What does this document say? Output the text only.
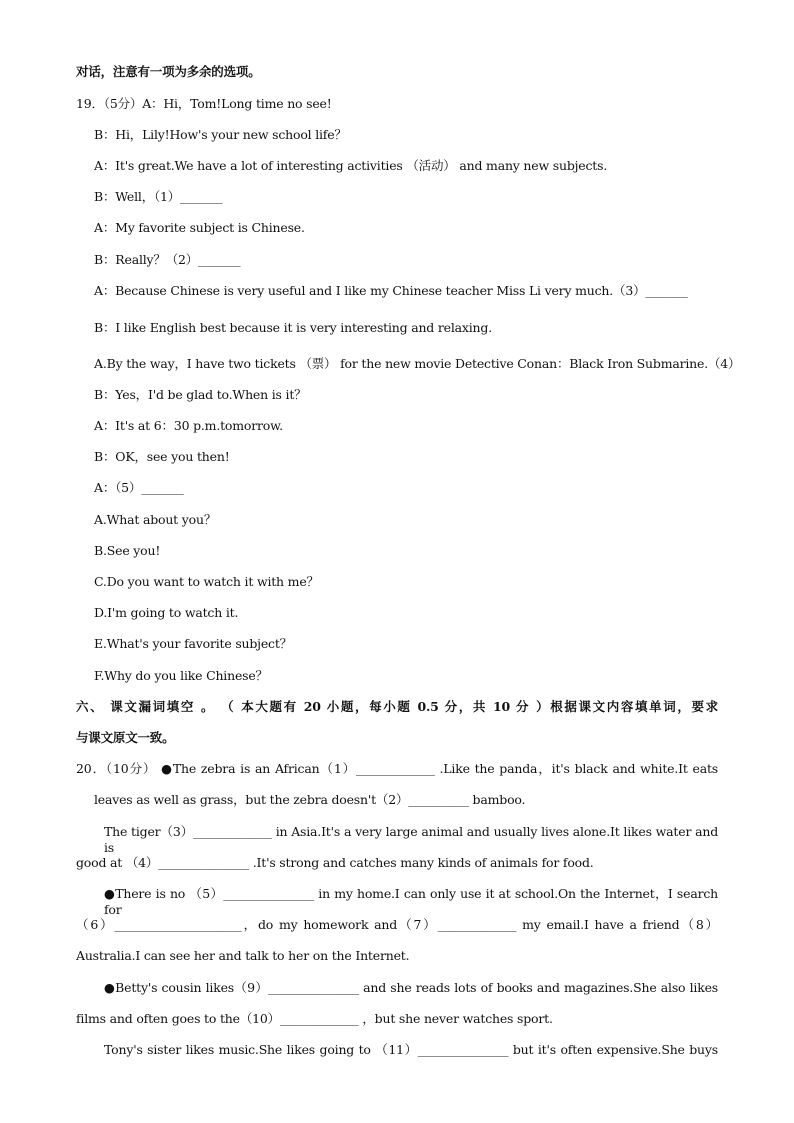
对话，注意有一项为多余的选项。
19．（5分）A：Hi，Tom!Long time no see!
B：Hi，Lily!How's your new school life？
A：It's great.We have a lot of interesting activities （活动） and many new subjects.
B：Well，（1）_______
A：My favorite subject is Chinese.
B：Really？（2）_______
A：Because Chinese is very useful and I like my Chinese teacher Miss Li very much.（3）_______
B：I like English best because it is very interesting and relaxing.
A.By the way，I have two tickets （票） for the new movie Detective Conan：Black Iron Submarine.（4）
B：Yes，I'd be glad to.When is it？
A：It's at 6：30 p.m.tomorrow.
B：OK，see you then!
A：（5）_______
A.What about you？
B.See you!
C.Do you want to watch it with me？
D.I'm going to watch it.
E.What's your favorite subject？
F.Why do you like Chinese？
六、 课文漏词填空 。 （ 本大题有 20 小题，每小题 0.5 分，共 10 分 ）根据课文内容填单词，要求
与课文原文一致。
20．（10分） ●The zebra is an African（1）_____________ .Like the panda，it's black and white.It eats
leaves as well as grass，but the zebra doesn't（2）__________ bamboo.
The tiger（3）_____________ in Asia.It's a very large animal and usually lives alone.It likes water and is
good at （4）_______________ .It's strong and catches many kinds of animals for food.
●There is no （5）_______________ in my home.I can only use it at school.On the Internet，I search for
（6）_____________________，do my homework and（7）_____________ my email.I have a friend（8）
Australia.I can see her and talk to her on the Internet.
●Betty's cousin likes（9）_______________ and she reads lots of books and magazines.She also likes
films and often goes to the（10）_____________ ，but she never watches sport.
Tony's sister likes music.She likes going to （11）_______________ but it's often expensive.She buys
